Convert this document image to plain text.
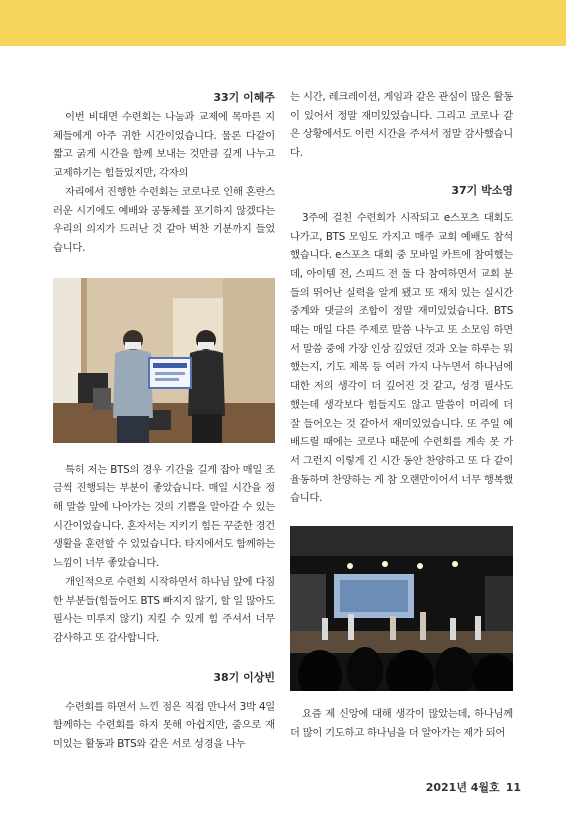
33기 이혜주

이번 비대면 수련회는 나눔과 교제에 목마른 지체들에게 아주 귀한 시간이었습니다. 물론 다같이 짧고 굵게 시간을 함께 보내는 것만큼 깊게 나누고 교제하기는 힘들었지만, 각자의

자리에서 진행한 수련회는 코로나로 인해 혼란스러운 시기에도 예배와 공동체를 포기하지 않겠다는 우리의 의지가 드러난 것 같아 벅찬 기분까지 들었습니다.

특히 저는 BTS의 경우 기간을 길게 잡아 매일 조금씩 진행되는 부분이 좋았습니다. 매일 시간을 정해 말씀 앞에 나아가는 것의 기쁨을 알아갈 수 있는 시간이었습니다. 혼자서는 지키기 힘든 꾸준한 경건생활을 훈련할 수 있었습니다. 타지에서도 함께하는 느낌이 너무 좋았습니다.

개인적으로 수련회 시작하면서 하나님 앞에 다짐한 부분들(힘들어도 BTS 빠지지 않기, 할 일 많아도 필사는 미루지 않기) 지킬 수 있게 힘 주셔서 너무 감사하고 또 감사합니다.

38기 이상빈

수련회를 하면서 느낀 점은 직접 만나서 3박 4일 함께하는 수련회를 하지 못해 아쉽지만, 줌으로 재미있는 활동과 BTS와 같은 서로 성경을 나누

는 시간, 레크레이션, 게임과 같은 관심이 많은 활동이 있어서 정말 재미있었습니다. 그리고 코로나 같은 상황에서도 이런 시간을 주셔서 정말 감사했습니다.

37기 박소영

3주에 걸친 수련회가 시작되고 e스포츠 대회도 나가고, BTS 모임도 가지고 매주 교회 예배도 참석했습니다. e스포츠 대회 중 모바일 카트에 참여했는데, 아이템 전, 스피드 전 둘 다 참여하면서 교회 분들의 뛰어난 실력을 알게 됐고 또 재치 있는 실시간 중계와 댓글의 조합이 정말 재미있었습니다. BTS 때는 매일 다른 주제로 말씀 나누고 또 소모임 하면서 말씀 중에 가장 인상 깊었던 것과 오늘 하루는 뭐 했는지, 기도 제목 등 여러 가지 나누면서 하나님에 대한 저의 생각이 더 깊어진 것 같고, 성경 필사도 했는데 생각보다 힘들지도 않고 말씀이 머리에 더 잘 들어오는 것 같아서 재미있었습니다. 또 주일 예배드릴 때에는 코로나 때문에 수련회를 계속 못 가서 그런지 이렇게 긴 시간 동안 찬양하고 또 다 같이 율동하며 찬양하는 게 참 오랜만이어서 너무 행복했습니다.

요즘 제 신앙에 대해 생각이 많았는데, 하나님께 더 많이 기도하고 하나님을 더 알아가는 제가 되어

2021년 4월호 11
